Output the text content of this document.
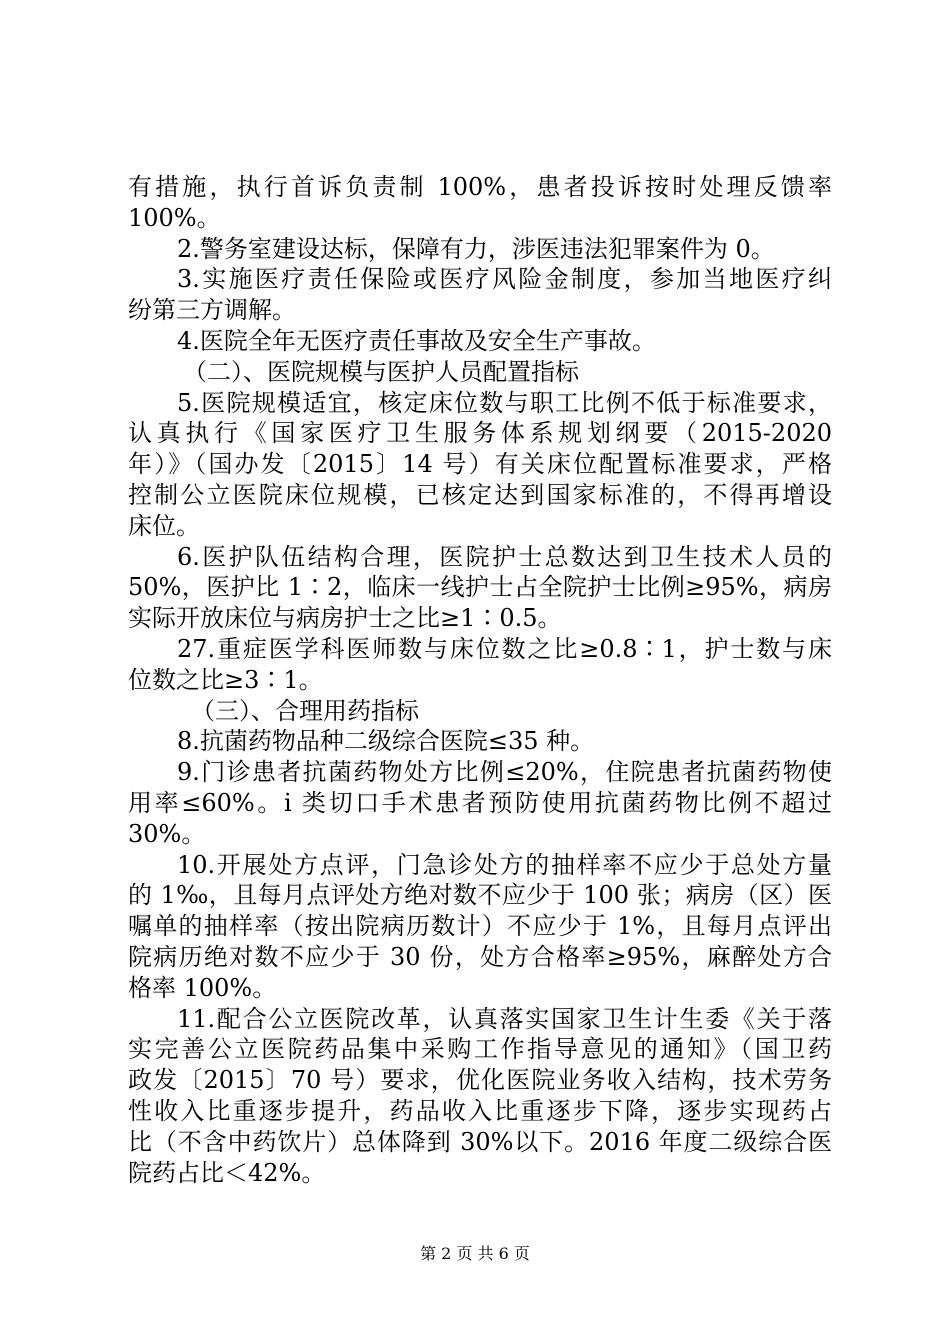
有措施，执行首诉负责制 100%，患者投诉按时处理反馈率
100%。
2.警务室建设达标，保障有力，涉医违法犯罪案件为 0。
3.实施医疗责任保险或医疗风险金制度，参加当地医疗纠
纷第三方调解。
4.医院全年无医疗责任事故及安全生产事故。
（二）、医院规模与医护人员配置指标
5.医院规模适宜，核定床位数与职工比例不低于标准要求，
认真执行《国家医疗卫生服务体系规划纲要（2015-2020
年）》（国办发〔2015〕14 号）有关床位配置标准要求，严格
控制公立医院床位规模，已核定达到国家标准的，不得再增设
床位。
6.医护队伍结构合理，医院护士总数达到卫生技术人员的
50%，医护比 1∶2，临床一线护士占全院护士比例≥95%，病房
实际开放床位与病房护士之比≥1∶0.5。
27.重症医学科医师数与床位数之比≥0.8∶1，护士数与床
位数之比≥3∶1。
（三）、合理用药指标
8.抗菌药物品种二级综合医院≤35 种。
9.门诊患者抗菌药物处方比例≤20%，住院患者抗菌药物使
用率≤60%。i 类切口手术患者预防使用抗菌药物比例不超过
30%。
10.开展处方点评，门急诊处方的抽样率不应少于总处方量
的 1‰，且每月点评处方绝对数不应少于 100 张；病房（区）医
嘱单的抽样率（按出院病历数计）不应少于 1%，且每月点评出
院病历绝对数不应少于 30 份，处方合格率≥95%，麻醉处方合
格率 100%。
11.配合公立医院改革，认真落实国家卫生计生委《关于落
实完善公立医院药品集中采购工作指导意见的通知》（国卫药
政发〔2015〕70 号）要求，优化医院业务收入结构，技术劳务
性收入比重逐步提升，药品收入比重逐步下降，逐步实现药占
比（不含中药饮片）总体降到 30%以下。2016 年度二级综合医
院药占比＜42%。
第 2 页 共 6 页
